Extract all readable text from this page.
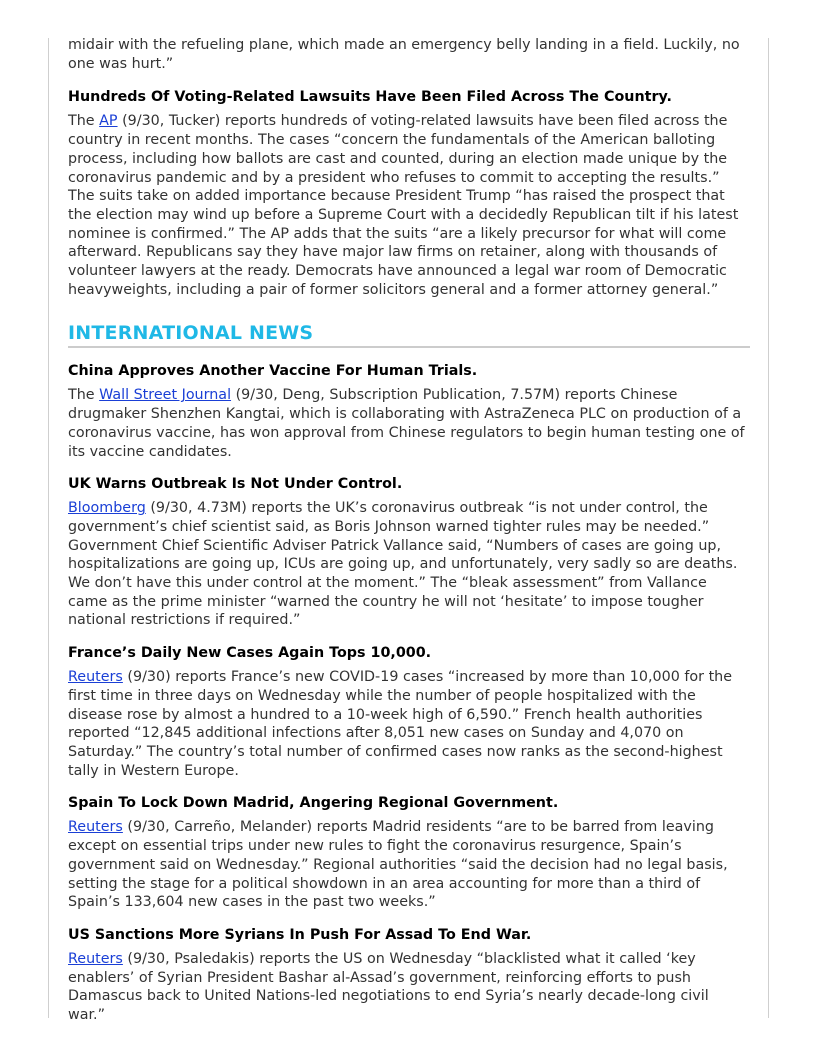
midair with the refueling plane, which made an emergency belly landing in a field. Luckily, no one was hurt.”

Hundreds Of Voting-Related Lawsuits Have Been Filed Across The Country.

The AP (9/30, Tucker) reports hundreds of voting-related lawsuits have been filed across the country in recent months. The cases “concern the fundamentals of the American balloting process, including how ballots are cast and counted, during an election made unique by the coronavirus pandemic and by a president who refuses to commit to accepting the results.” The suits take on added importance because President Trump “has raised the prospect that the election may wind up before a Supreme Court with a decidedly Republican tilt if his latest nominee is confirmed.” The AP adds that the suits “are a likely precursor for what will come afterward. Republicans say they have major law firms on retainer, along with thousands of volunteer lawyers at the ready. Democrats have announced a legal war room of Democratic heavyweights, including a pair of former solicitors general and a former attorney general.”

INTERNATIONAL NEWS
China Approves Another Vaccine For Human Trials.

The Wall Street Journal (9/30, Deng, Subscription Publication, 7.57M) reports Chinese drugmaker Shenzhen Kangtai, which is collaborating with AstraZeneca PLC on production of a coronavirus vaccine, has won approval from Chinese regulators to begin human testing one of its vaccine candidates.

UK Warns Outbreak Is Not Under Control.

Bloomberg (9/30, 4.73M) reports the UK’s coronavirus outbreak “is not under control, the government’s chief scientist said, as Boris Johnson warned tighter rules may be needed.” Government Chief Scientific Adviser Patrick Vallance said, “Numbers of cases are going up, hospitalizations are going up, ICUs are going up, and unfortunately, very sadly so are deaths. We don’t have this under control at the moment.” The “bleak assessment” from Vallance came as the prime minister “warned the country he will not ‘hesitate’ to impose tougher national restrictions if required.”

France’s Daily New Cases Again Tops 10,000.

Reuters (9/30) reports France’s new COVID-19 cases “increased by more than 10,000 for the first time in three days on Wednesday while the number of people hospitalized with the disease rose by almost a hundred to a 10-week high of 6,590.” French health authorities reported “12,845 additional infections after 8,051 new cases on Sunday and 4,070 on Saturday.” The country’s total number of confirmed cases now ranks as the second-highest tally in Western Europe.

Spain To Lock Down Madrid, Angering Regional Government.

Reuters (9/30, Carreño, Melander) reports Madrid residents “are to be barred from leaving except on essential trips under new rules to fight the coronavirus resurgence, Spain’s government said on Wednesday.” Regional authorities “said the decision had no legal basis, setting the stage for a political showdown in an area accounting for more than a third of Spain’s 133,604 new cases in the past two weeks.”

US Sanctions More Syrians In Push For Assad To End War.

Reuters (9/30, Psaledakis) reports the US on Wednesday “blacklisted what it called ‘key enablers’ of Syrian President Bashar al-Assad’s government, reinforcing efforts to push Damascus back to United Nations-led negotiations to end Syria’s nearly decade-long civil war.”
